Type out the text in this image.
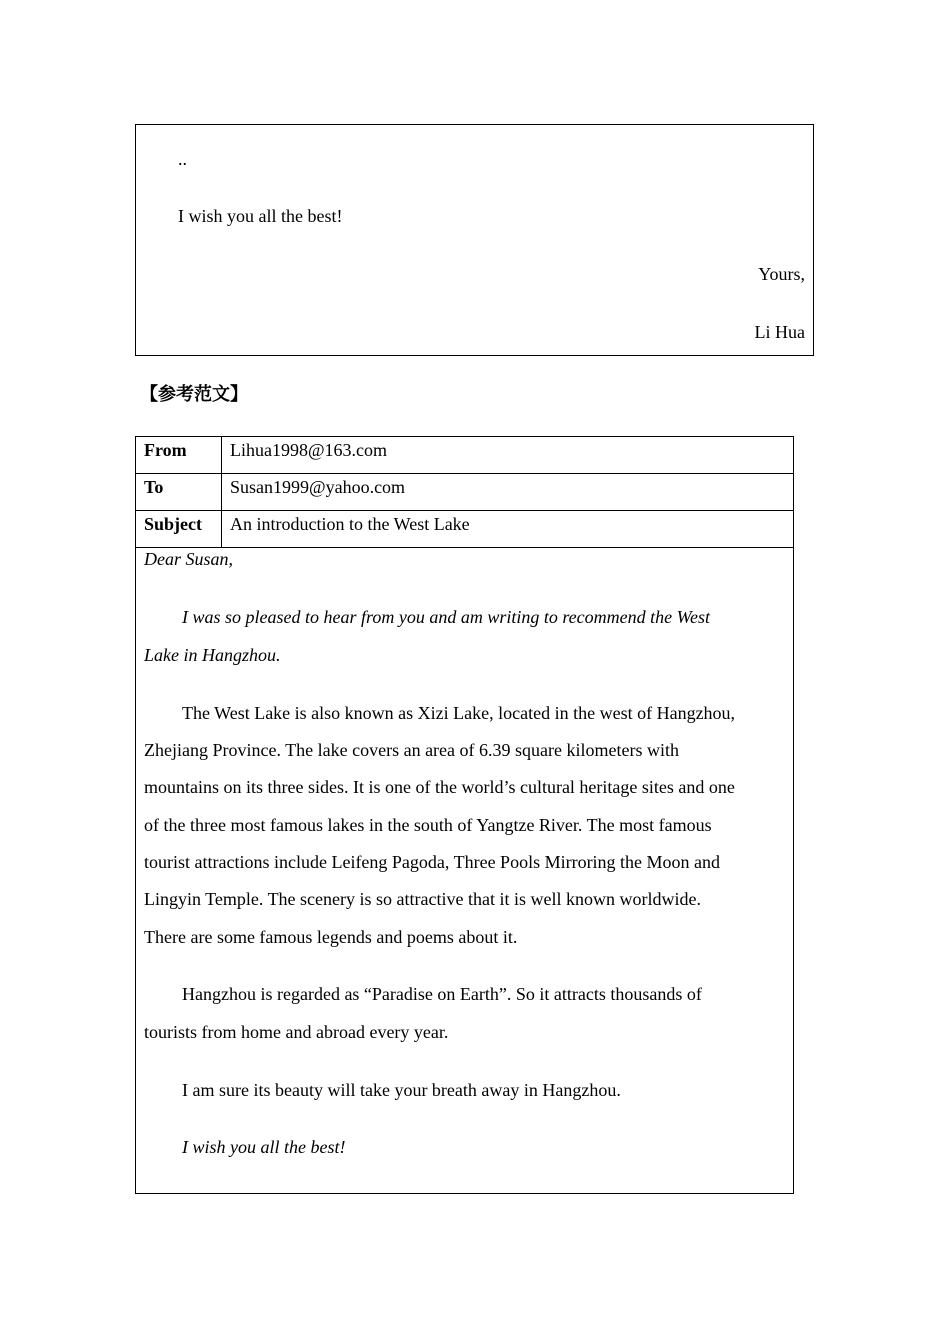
..
I wish you all the best!
Yours,
Li Hua
【参考范文】
From Lihua1998@163.com
To	Susan1999@yahoo.com
Subject An introduction to the West Lake
Dear Susan,
I was so pleased to hear from you and am writing to recommend the West
Lake in Hangzhou.
The West Lake is also known as Xizi Lake, located in the west of Hangzhou,
Zhejiang Province. The lake covers an area of 6.39 square kilometers with
mountains on its three sides. It is one of the world’s cultural heritage sites and one
of the three most famous lakes in the south of Yangtze River. The most famous
tourist attractions include Leifeng Pagoda, Three Pools Mirroring the Moon and
Lingyin Temple. The scenery is so attractive that it is well known worldwide.
There are some famous legends and poems about it.
Hangzhou is regarded as “Paradise on Earth”. So it attracts thousands of
tourists from home and abroad every year.
I am sure its beauty will take your breath away in Hangzhou.
I wish you all the best!
